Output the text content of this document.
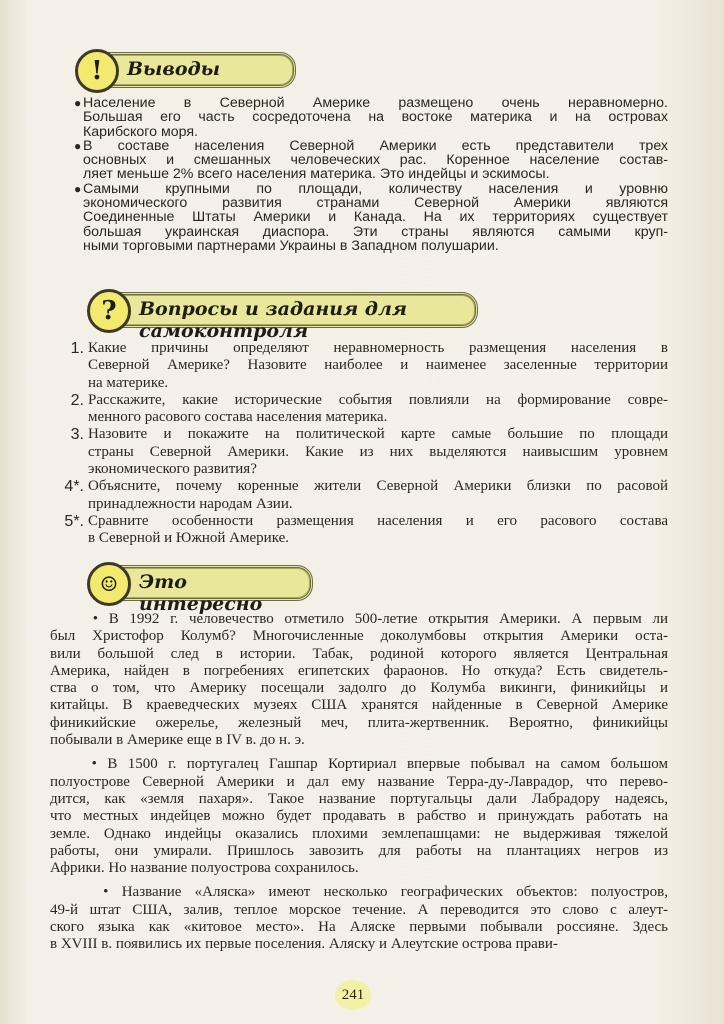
!	Выводы
● Население в Северной Америке размещено очень неравномерно.
Большая его часть сосредоточена на востоке материка и на островах
Карибского моря.
● В составе населения Северной Америки есть представители трех
основных и смешанных человеческих рас. Коренное население состав-
ляет меньше 2% всего населения материка. Это индейцы и эскимосы.
● Самыми крупными по площади, количеству населения и уровню
экономического развития странами Северной Америки являются
Соединенные Штаты Америки и Канада. На их территориях существует
большая украинская диаспора. Эти страны являются самыми круп-
ными торговыми партнерами Украины в Западном полушарии.
?	Вопросы и задания для самоконтроля
1. Какие причины определяют неравномерность размещения населения в
Северной Америке? Назовите наиболее и наименее заселенные территории
на материке.
2. Расскажите, какие исторические события повлияли на формирование совре-
менного расового состава населения материка.
3. Назовите и покажите на политической карте самые большие по площади
страны Северной Америки. Какие из них выделяются наивысшим уровнем
экономического развития?
4*. Объясните, почему коренные жители Северной Америки близки по расовой
принадлежности народам Азии.
5*. Сравните особенности размещения населения и его расового состава
в Северной и Южной Америке.
☺	Это интересно
• В 1992 г. человечество отметило 500-летие открытия Америки. А первым ли
был Христофор Колумб? Многочисленные доколумбовы открытия Америки оста-
вили большой след в истории. Табак, родиной которого является Центральная
Америка, найден в погребениях египетских фараонов. Но откуда? Есть свидетель-
ства о том, что Америку посещали задолго до Колумба викинги, финикийцы и
китайцы. В краеведческих музеях США хранятся найденные в Северной Америке
финикийские ожерелье, железный меч, плита-жертвенник. Вероятно, финикийцы
побывали в Америке еще в IV в. до н. э.
• В 1500 г. португалец Гашпар Кортириал впервые побывал на самом большом
полуострове Северной Америки и дал ему название Терра-ду-Лаврадор, что перево-
дится, как «земля пахаря». Такое название португальцы дали Лабрадору надеясь,
что местных индейцев можно будет продавать в рабство и принуждать работать на
земле. Однако индейцы оказались плохими землепашцами: не выдерживая тяжелой
работы, они умирали. Пришлось завозить для работы на плантациях негров из
Африки. Но название полуострова сохранилось.
• Название «Аляска» имеют несколько географических объектов: полуостров,
49-й штат США, залив, теплое морское течение. А переводится это слово с алеут-
ского языка как «китовое место». На Аляске первыми побывали россияне. Здесь
в XVIII в. появились их первые поселения. Аляску и Алеутские острова прави-
241
